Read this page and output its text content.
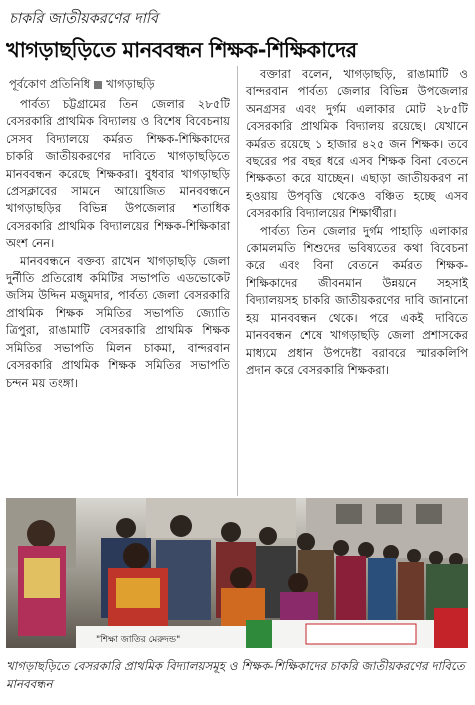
চাকরি জাতীয়করণের দাবি
খাগড়াছড়িতে মানববন্ধন শিক্ষক-শিক্ষিকাদের
পূর্বকোণ প্রতিনিধি খাগড়াছড়ি

পার্বত্য চট্টগ্রামের তিন জেলার ২৮৫টি বেসরকারি প্রাথমিক বিদ্যালয় ও বিশেষ বিবেচনায় সেসব বিদ্যালয়ে কর্মরত শিক্ষক-শিক্ষিকাদের চাকরি জাতীয়করণের দাবিতে খাগড়াছড়িতে মানববন্ধন করেছে শিক্ষকরা। বুধবার খাগড়াছড়ি প্রেসক্লাবের সামনে আয়োজিত মানববন্ধনে খাগড়াছড়ির বিভিন্ন উপজেলার শতাধিক বেসরকারি প্রাথমিক বিদ্যালয়ের শিক্ষক-শিক্ষিকারা অংশ নেন।

মানববন্ধনে বক্তব্য রাখেন খাগড়াছড়ি জেলা দুর্নীতি প্রতিরোধ কমিটির সভাপতি এডভোকেট জসিম উদ্দিন মজুমদার, পার্বত্য জেলা বেসরকারি প্রাথমিক শিক্ষক সমিতির সভাপতি জ্যোতি ত্রিপুরা, রাঙামাটি বেসরকারি প্রাথমিক শিক্ষক সমিতির সভাপতি মিলন চাকমা, বান্দরবান বেসরকারি প্রাথমিক শিক্ষক সমিতির সভাপতি চন্দন ময় তংঙ্গা।

বক্তারা বলেন, খাগড়াছড়ি, রাঙামাটি ও বান্দরবান পার্বত্য জেলার বিভিন্ন উপজেলার অনগ্রসর এবং দুর্গম এলাকার মোট ২৮৫টি বেসরকারি প্রাথমিক বিদ্যালয় রয়েছে। যেখানে কর্মরত রয়েছে ১ হাজার ৪২৫ জন শিক্ষক। তবে বছরের পর বছর ধরে এসব শিক্ষক বিনা বেতনে শিক্ষকতা করে যাচ্ছেন। এছাড়া জাতীয়করণ না হওয়ায় উপবৃত্তি থেকেও বঞ্চিত হচ্ছে এসব বেসরকারি বিদ্যালয়ের শিক্ষার্থীরা।

পার্বত্য তিন জেলার দুর্গম পাহাড়ি এলাকার কোমলমতি শিশুদের ভবিষ্যতের কথা বিবেচনা করে এবং বিনা বেতনে কর্মরত শিক্ষক-শিক্ষিকাদের জীবনমান উন্নয়নে সহসাই বিদ্যালয়সহ চাকরি জাতীয়করণের দাবি জানানো হয় মানববন্ধন থেকে। পরে একই দাবিতে মানববন্ধন শেষে খাগড়াছড়ি জেলা প্রশাসকের মাধ্যমে প্রধান উপদেষ্টা বরাবরে স্মারকলিপি প্রদান করে বেসরকারি শিক্ষকরা।

"শিক্ষা জাতির মেরুদন্ড"
খাগড়াছড়িতে বেসরকারি প্রাথমিক বিদ্যালয়সমূহ ও শিক্ষক-শিক্ষিকাদের চাকরি জাতীয়করণের দাবিতে মানববন্ধন
